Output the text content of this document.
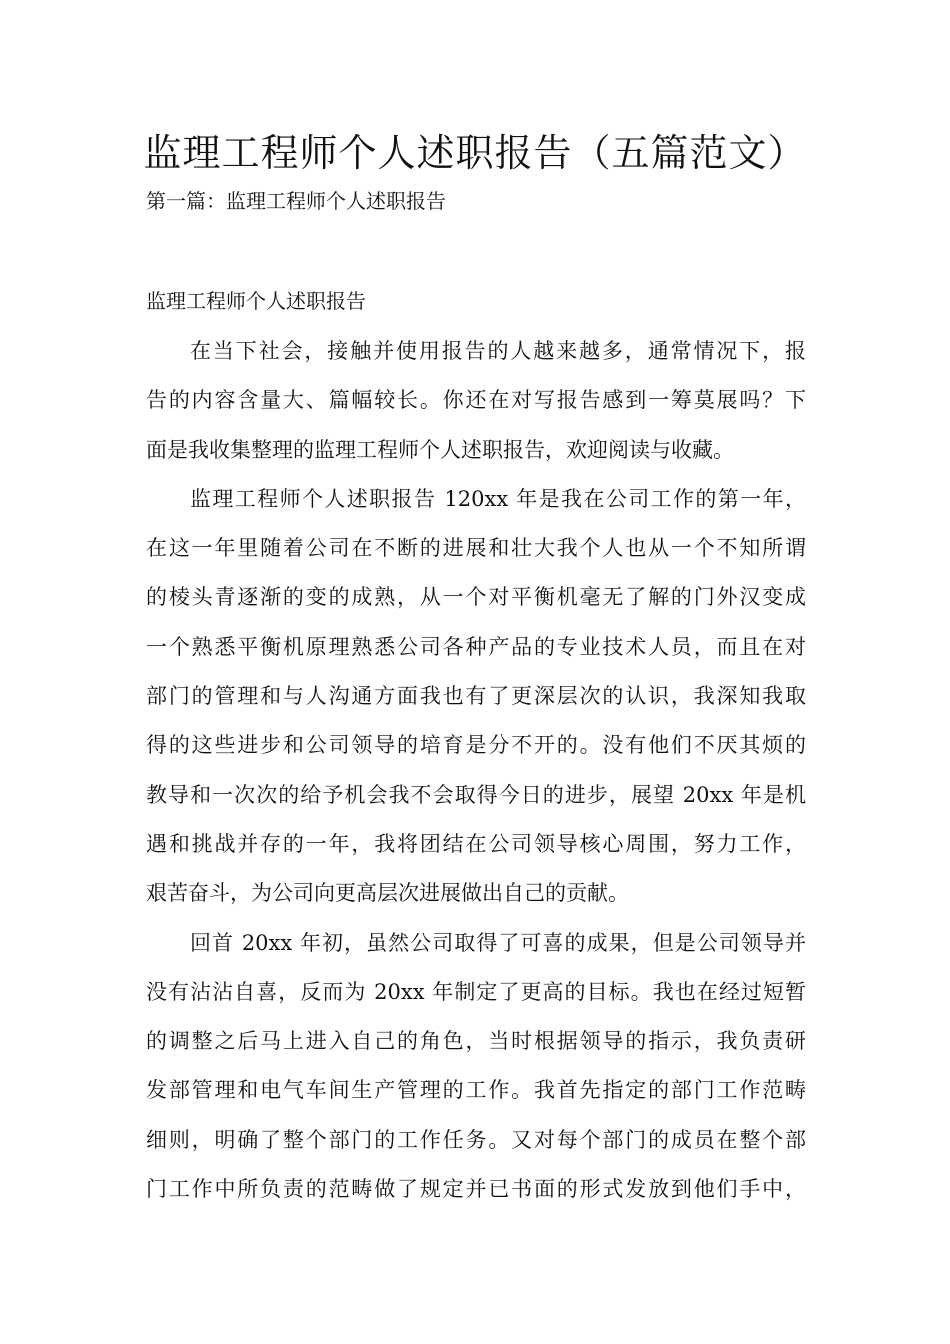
监理工程师个人述职报告（五篇范文）

第一篇：监理工程师个人述职报告

监理工程师个人述职报告

在当下社会，接触并使用报告的人越来越多，通常情况下，报
告的内容含量大、篇幅较长。你还在对写报告感到一筹莫展吗？下
面是我收集整理的监理工程师个人述职报告，欢迎阅读与收藏。

监理工程师个人述职报告 120xx 年是我在公司工作的第一年，
在这一年里随着公司在不断的进展和壮大我个人也从一个不知所谓
的棱头青逐渐的变的成熟，从一个对平衡机毫无了解的门外汉变成
一个熟悉平衡机原理熟悉公司各种产品的专业技术人员，而且在对
部门的管理和与人沟通方面我也有了更深层次的认识，我深知我取
得的这些进步和公司领导的培育是分不开的。没有他们不厌其烦的
教导和一次次的给予机会我不会取得今日的进步，展望 20xx 年是机
遇和挑战并存的一年，我将团结在公司领导核心周围，努力工作，
艰苦奋斗，为公司向更高层次进展做出自己的贡献。

回首 20xx 年初，虽然公司取得了可喜的成果，但是公司领导并
没有沾沾自喜，反而为 20xx 年制定了更高的目标。我也在经过短暂
的调整之后马上进入自己的角色，当时根据领导的指示，我负责研
发部管理和电气车间生产管理的工作。我首先指定的部门工作范畴
细则，明确了整个部门的工作任务。又对每个部门的成员在整个部
门工作中所负责的范畴做了规定并已书面的形式发放到他们手中，
